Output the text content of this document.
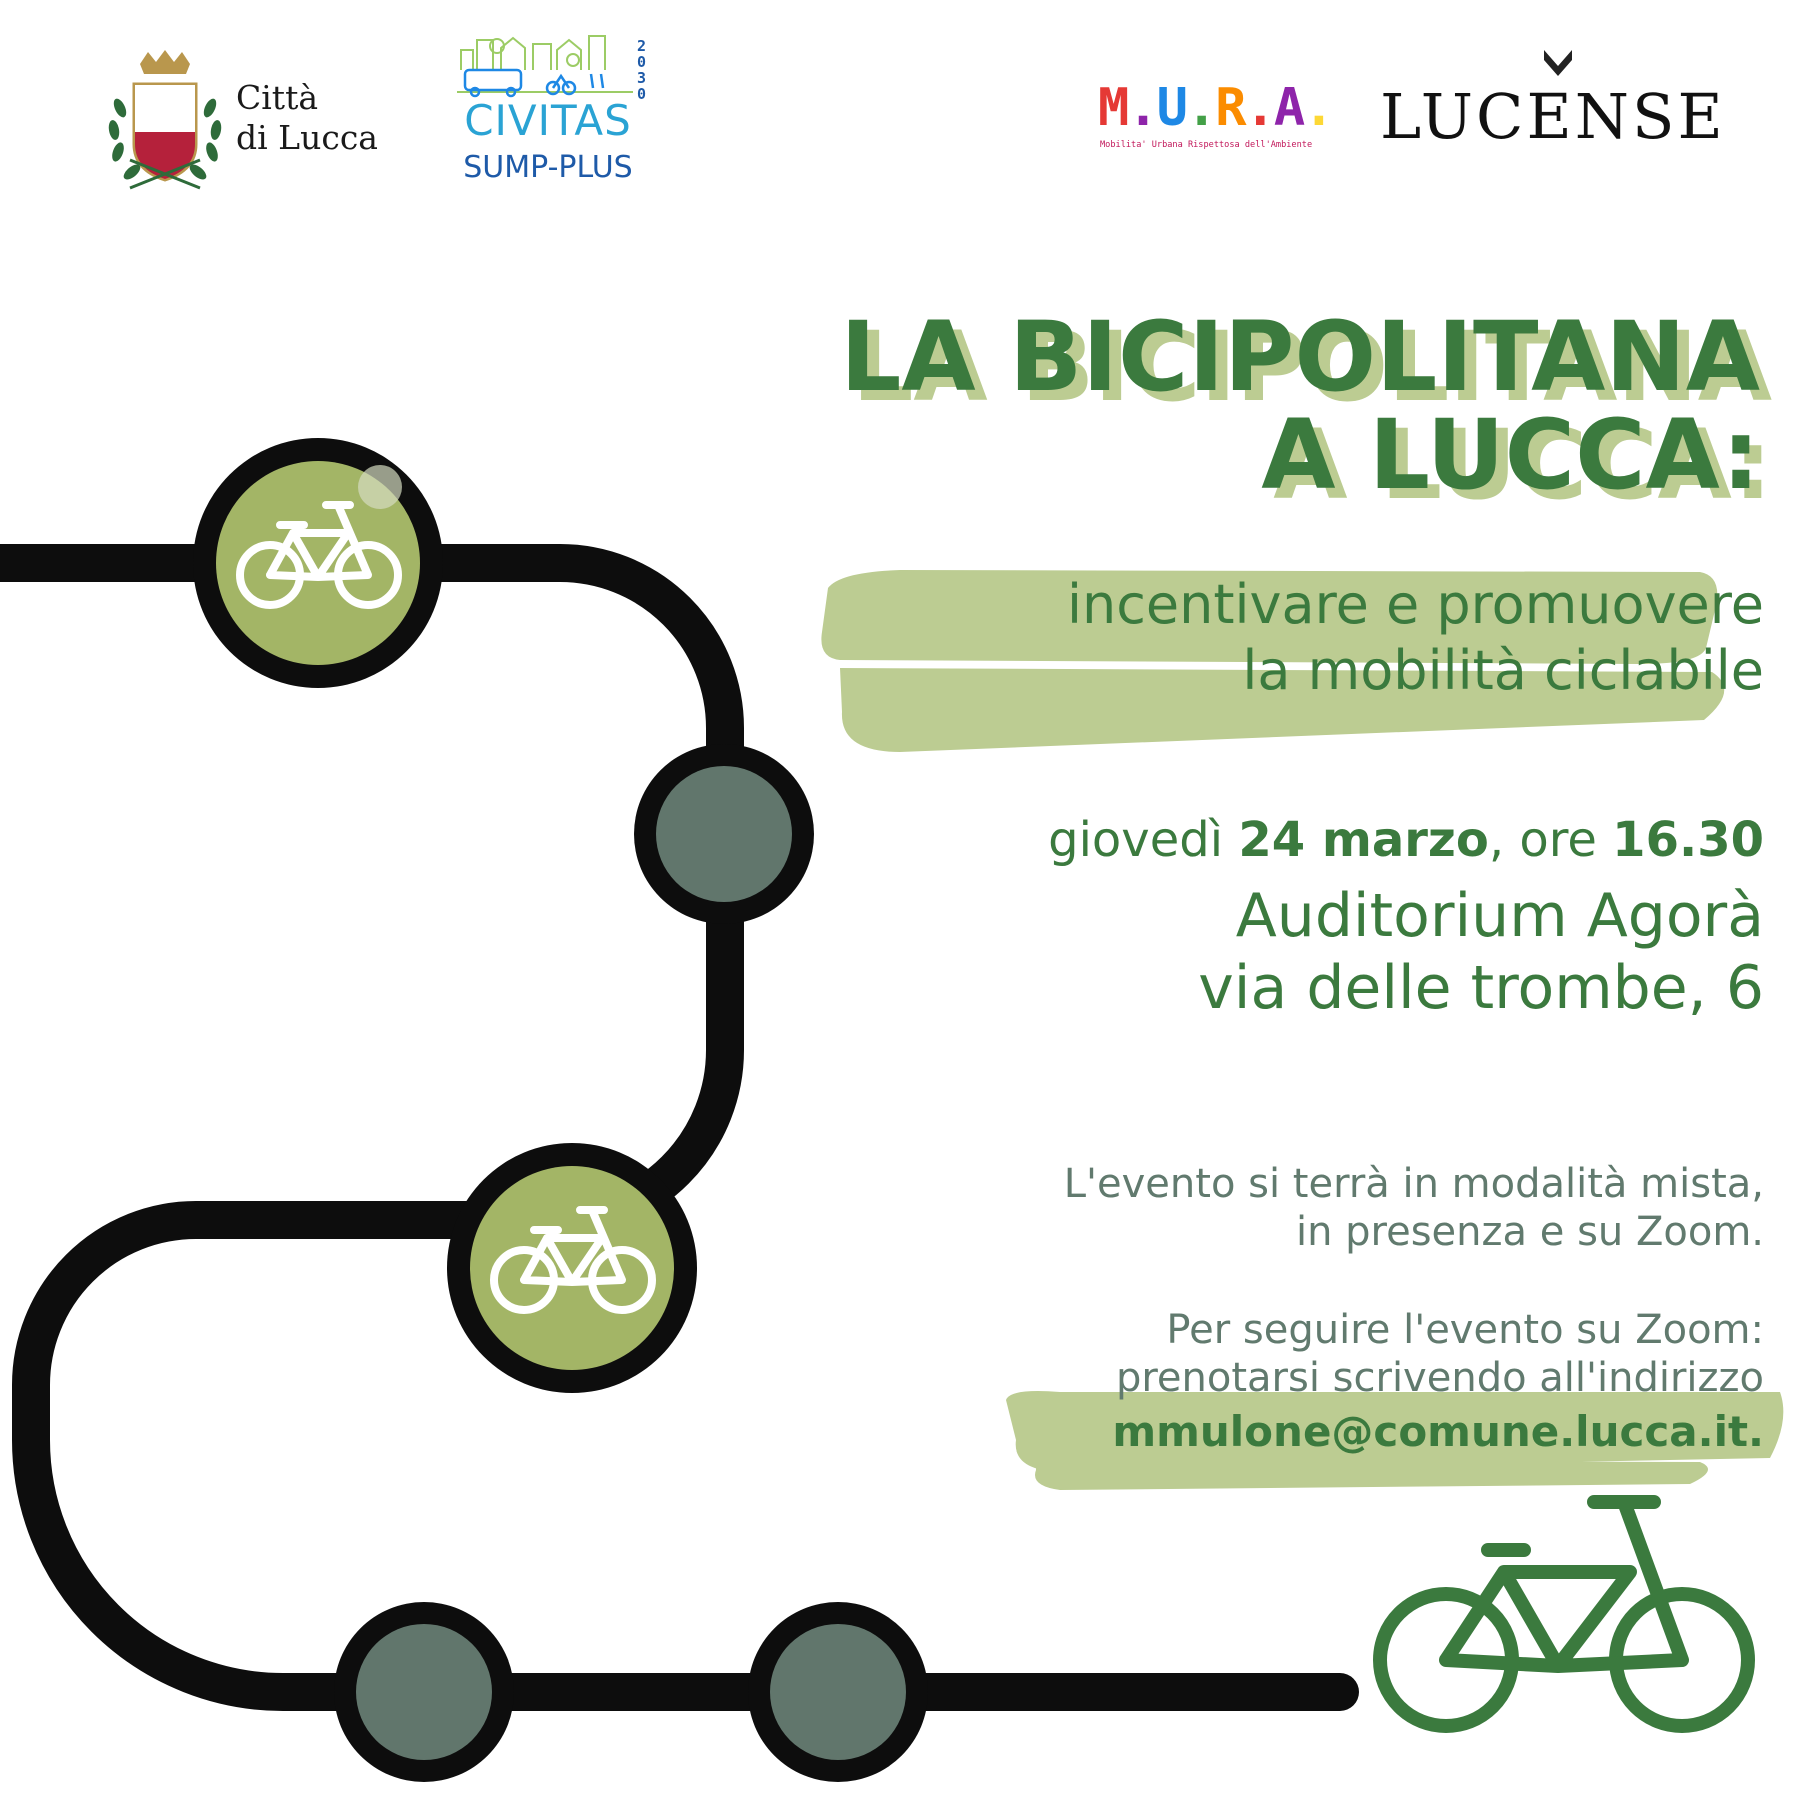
Città
di Lucca
2030
CIVITAS
SUMP-PLUS
M.U.R.A.
Mobilita' Urbana Rispettosa dell'Ambiente LUCENSE
LA BICIPOLITANA
A LUCCA:
incentivare e promuovere
la mobilità ciclabile
giovedì 24 marzo, ore 16.30
Auditorium Agorà
via delle trombe, 6
L'evento si terrà in modalità mista,
in presenza e su Zoom.
Per seguire l'evento su Zoom:
prenotarsi scrivendo all'indirizzo
mmulone@comune.lucca.it.
